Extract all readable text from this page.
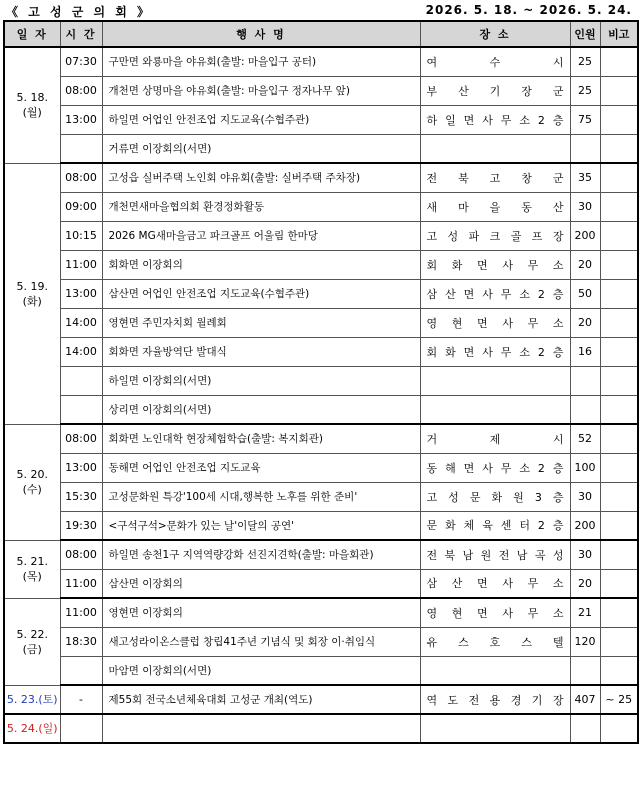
《 고 성 군 의 회 》	2026. 5. 18. ~ 2026. 5. 24.
일 자	시 간	행 사 명	장 소	인원	비고

5. 18.
(월)	07:30	구만면 와룡마을 야유회(출발: 마을입구 공터)	여 수 시	25	
	08:00	개천면 상명마을 야유회(출발: 마을입구 정자나무 앞)	부 산 기 장 군	25	
	13:00	하일면 어업인 안전조업 지도교육(수협주관)	하 일 면 사 무 소 2 층	75	
		거류면 이장회의(서면)	

5. 19.
(화)	08:00	고성읍 실버주택 노인회 야유회(출발: 실버주택 주차장)	전 북 고 창 군	35	
	09:00	개천면새마을협의회 환경정화활동	새 마 을 동 산	30	
	10:15	2026 MG새마을금고 파크골프 어울림 한마당	고 성 파 크 골 프 장	200	
	11:00	회화면 이장회의	회 화 면 사 무 소	20	
	13:00	삼산면 어업인 안전조업 지도교육(수협주관)	삼 산 면 사 무 소 2 층	50	
	14:00	영현면 주민자치회 월례회	영 현 면 사 무 소	20	
	14:00	회화면 자율방역단 발대식	회 화 면 사 무 소 2 층	16	
		하일면 이장회의(서면)	

		상리면 이장회의(서면)	

5. 20.
(수)	08:00	회화면 노인대학 현장체험학습(출발: 복지회관)	거 제 시	52	
	13:00	동해면 어업인 안전조업 지도교육	동 해 면 사 무 소 2 층	100	
	15:30	고성문화원 특강'100세 시대,행복한 노후를 위한 준비'	고 성 문 화 원 3 층	30	
	19:30	<구석구석>문화가 있는 날'이달의 공연'	문 화 체 육 센 터 2 층	200	

5. 21.
(목)	08:00	하일면 송천1구 지역역량강화 선진지견학(출발: 마을회관)	전 북 남 원 전 남 곡 성	30	
	11:00	삼산면 이장회의	삼 산 면 사 무 소	20	

5. 22.
(금)	11:00	영현면 이장회의	영 현 면 사 무 소	21	
	18:30	새고성라이온스클럽 창립41주년 기념식 및 회장 이·취임식	유 스 호 스 텔	120	
		마암면 이장회의(서면)	

5. 23.(토)	-	제55회 전국소년체육대회 고성군 개최(역도)	역 도 전 용 경 기 장	407	~ 25

5. 24.(일)					
